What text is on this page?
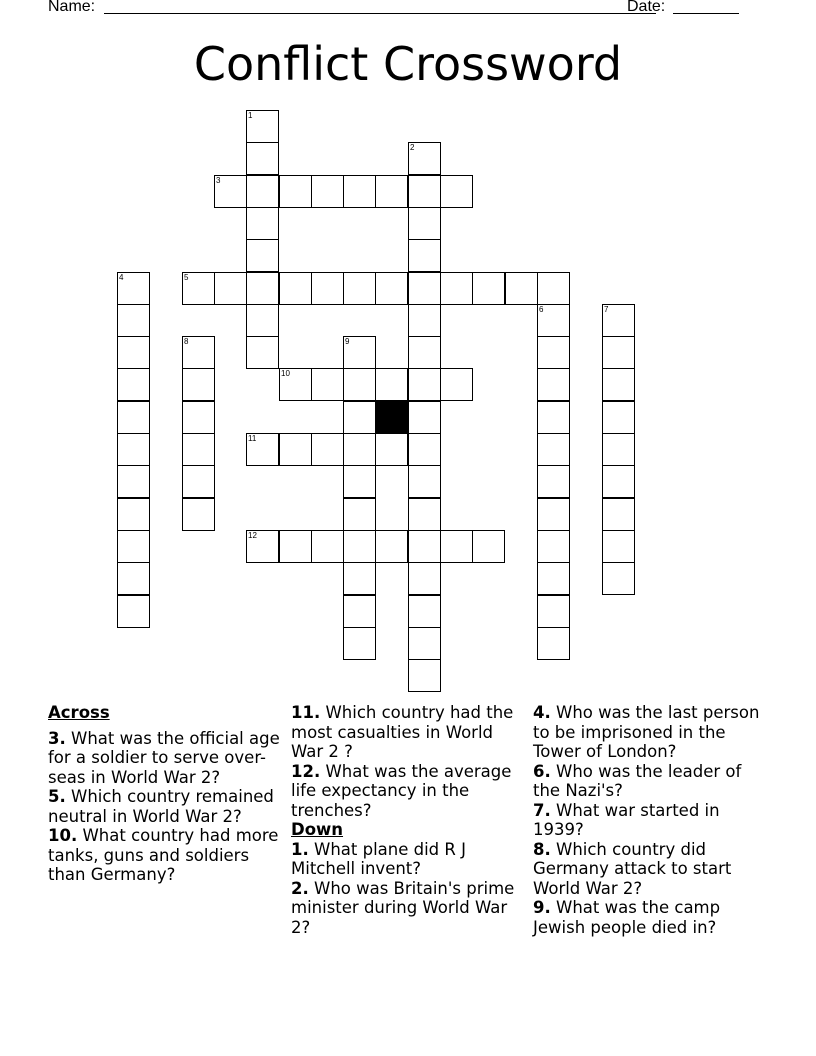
Name:	Date:
Conflict Crossword
3
5
10
11
12
1
2
4
6	7
8	9
Across
3. What was the official age for a soldier to serve over-seas in World War 2?
5. Which country remained neutral in World War 2?
10. What country had more tanks, guns and soldiers than Germany?
11. Which country had the most casualties in World War 2 ?
12. What was the average life expectancy in the trenches?
Down
1. What plane did R J Mitchell invent?
2. Who was Britain's prime minister during World War 2?
4. Who was the last person to be imprisoned in the Tower of London?
6. Who was the leader of the Nazi's?
7. What war started in 1939?
8. Which country did Germany attack to start World War 2?
9. What was the camp Jewish people died in?
